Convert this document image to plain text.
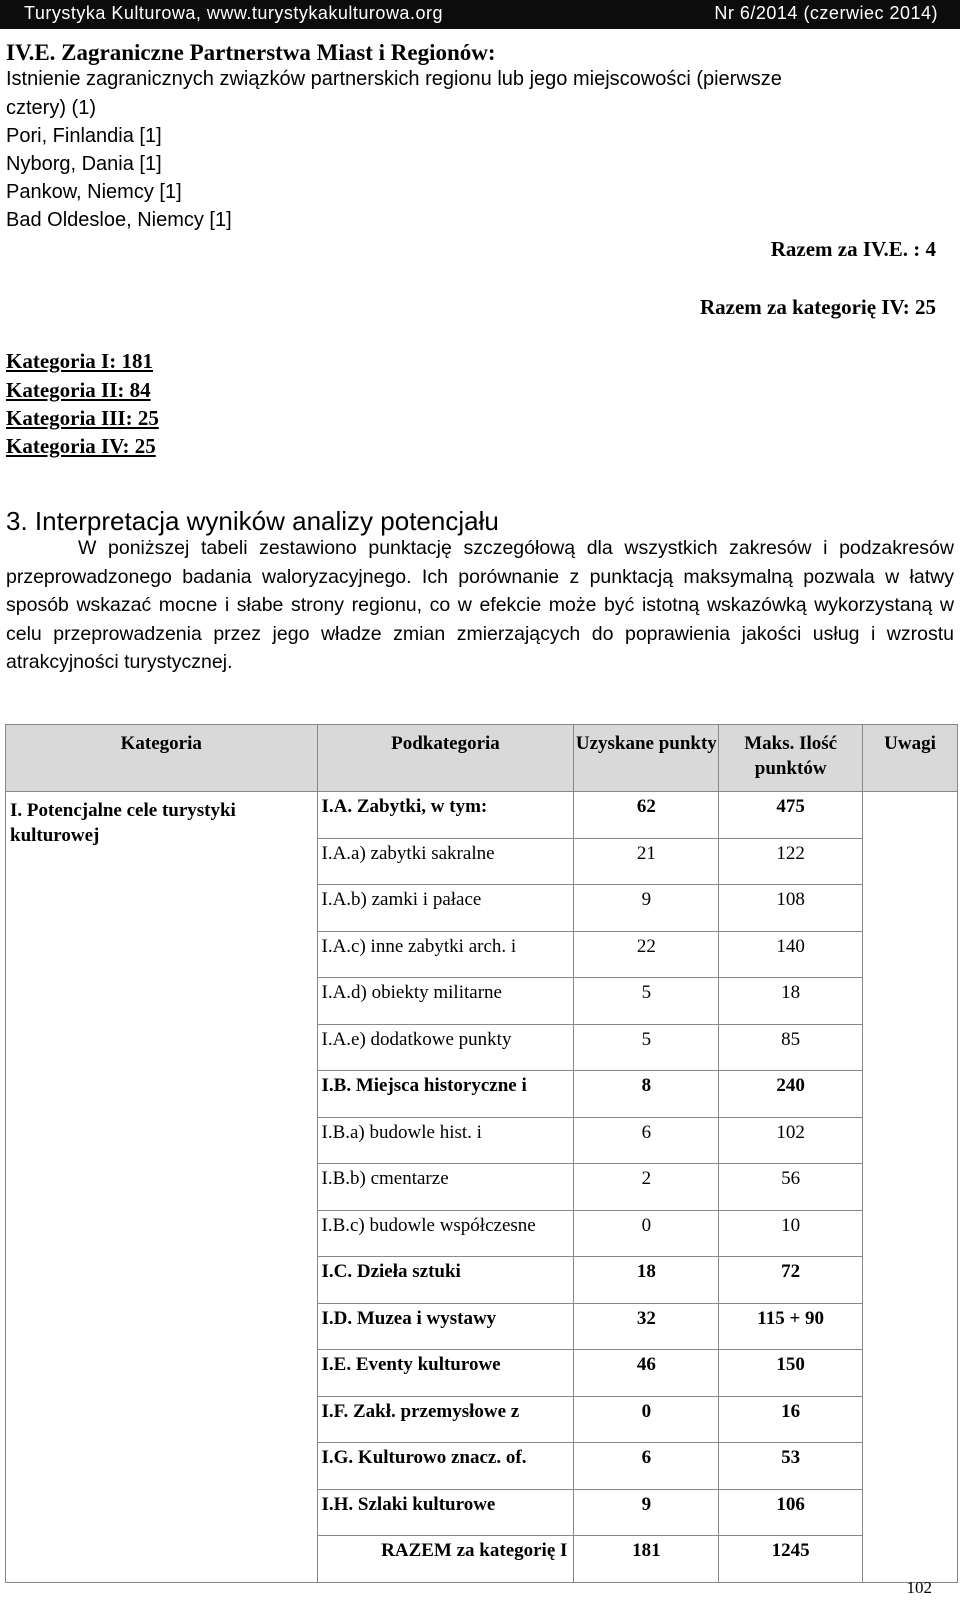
Turystyka Kulturowa, www.turystykakulturowa.org	Nr 6/2014 (czerwiec 2014)
IV.E. Zagraniczne Partnerstwa Miast i Regionów:
Istnienie zagranicznych związków partnerskich regionu lub jego miejscowości (pierwsze
cztery) (1)
Pori, Finlandia [1]
Nyborg, Dania [1]
Pankow, Niemcy [1]
Bad Oldesloe, Niemcy [1]
Razem za IV.E. : 4
Razem za kategorię IV: 25
Kategoria I: 181
Kategoria II: 84
Kategoria III: 25
Kategoria IV: 25
3. Interpretacja wyników analizy potencjału
W poniższej tabeli zestawiono punktację szczegółową dla wszystkich zakresów i podzakresów przeprowadzonego badania waloryzacyjnego. Ich porównanie z punktacją maksymalną pozwala w łatwy sposób wskazać mocne i słabe strony regionu, co w efekcie może być istotną wskazówką wykorzystaną w celu przeprowadzenia przez jego władze zmian zmierzających do poprawienia jakości usług i wzrostu atrakcyjności turystycznej.
Kategoria	Podkategoria	Uzyskane punkty	Maks. Ilość punktów	Uwagi
I. Potencjalne cele turystyki kulturowej	I.A. Zabytki, w tym:	62	475	
	I.A.a) zabytki sakralne	21	122	
	I.A.b) zamki i pałace	9	108	
	I.A.c) inne zabytki arch. i	22	140	
	I.A.d) obiekty militarne	5	18	
	I.A.e) dodatkowe punkty	5	85	
	I.B. Miejsca historyczne i	8	240	
	I.B.a) budowle hist. i	6	102	
	I.B.b) cmentarze	2	56	
	I.B.c) budowle współczesne	0	10	
	I.C. Dzieła sztuki	18	72	
	I.D. Muzea i wystawy	32	115 + 90	
	I.E. Eventy kulturowe	46	150	
	I.F. Zakł. przemysłowe z	0	16	
	I.G. Kulturowo znacz. of.	6	53	
	I.H. Szlaki kulturowe	9	106	
	RAZEM za kategorię I	181	1245	
102
